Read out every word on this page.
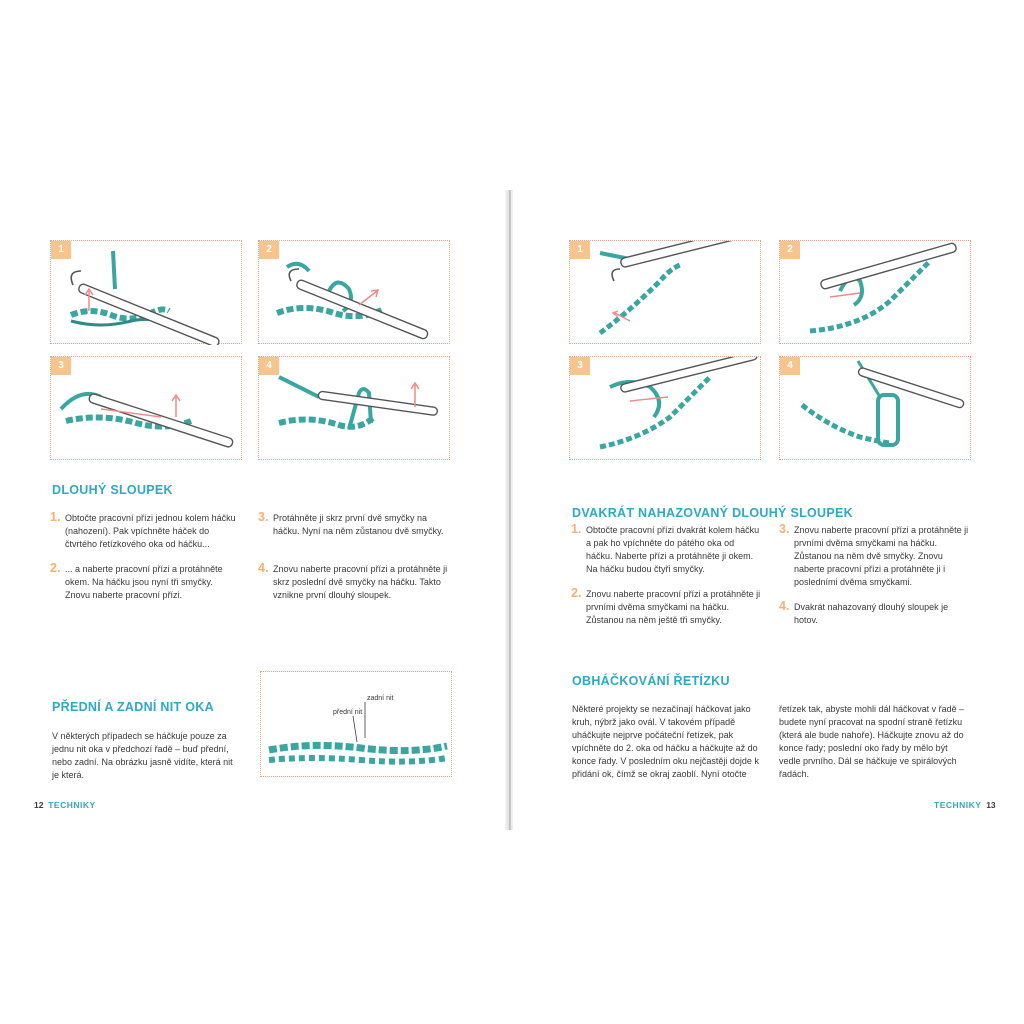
1	2
3	4
DLOUHÝ SLOUPEK
1. Obtočte pracovní přízi jednou kolem háčku (nahození). Pak vpíchněte háček do čtvrtého řetízkového oka od háčku...
2. ... a naberte pracovní přízi a protáhněte okem. Na háčku jsou nyní tři smyčky. Znovu naberte pracovní přízi.
3. Protáhněte ji skrz první dvě smyčky na háčku. Nyní na něm zůstanou dvě smyčky.
4. Znovu naberte pracovní přízi a protáhněte ji skrz poslední dvě smyčky na háčku. Takto vznikne první dlouhý sloupek.
PŘEDNÍ A ZADNÍ NIT OKA
V některých případech se háčkuje pouze za jednu nit oka v předchozí řadě – buď přední, nebo zadní. Na obrázku jasně vidíte, která nit je která.
zadní nit
přední nit
12 TECHNIKY
1	2
3	4
DVAKRÁT NAHAZOVANÝ DLOUHÝ SLOUPEK
1. Obtočte pracovní přízi dvakrát kolem háčku a pak ho vpíchněte do pátého oka od háčku. Naberte přízi a protáhněte ji okem. Na háčku budou čtyři smyčky.
2. Znovu naberte pracovní přízi a protáhněte ji prvními dvěma smyčkami na háčku. Zůstanou na něm ještě tři smyčky.
3. Znovu naberte pracovní přízi a protáhněte ji prvními dvěma smyčkami na háčku. Zůstanou na něm dvě smyčky. Znovu naberte pracovní přízi a protáhněte ji i posledními dvěma smyčkami.
4. Dvakrát nahazovaný dlouhý sloupek je hotov.
OBHÁČKOVÁNÍ ŘETÍZKU
Některé projekty se nezačínají háčkovat jako kruh, nýbrž jako ovál. V takovém případě uháčkujte nejprve počáteční řetízek, pak vpíchněte do 2. oka od háčku a háčkujte až do konce řady. V posledním oku nejčastěji dojde k přidání ok, čímž se okraj zaoblí. Nyní otočte
řetízek tak, abyste mohli dál háčkovat v řadě – budete nyní pracovat na spodní straně řetízku (která ale bude nahoře). Háčkujte znovu až do konce řady; poslední oko řady by mělo být vedle prvního. Dál se háčkuje ve spirálových řadách.
TECHNIKY 13
